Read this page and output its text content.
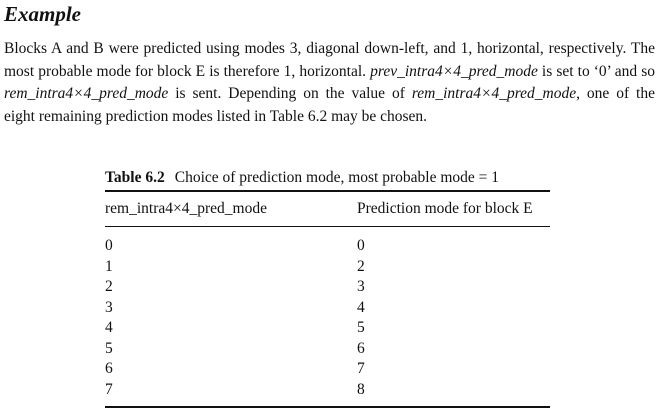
Example

Blocks A and B were predicted using modes 3, diagonal down-left, and 1, horizontal, respectively. The most probable mode for block E is therefore 1, horizontal. prev_intra4×4_pred_mode is set to ‘0’ and so rem_intra4×4_pred_mode is sent. Depending on the value of rem_intra4×4_pred_mode, one of the eight remaining prediction modes listed in Table 6.2 may be chosen.

Table 6.2 Choice of prediction mode, most probable mode = 1

rem_intra4×4_pred_mode	Prediction mode for block E

0	0
1	2
2	3
3	4
4	5
5	6
6	7
7	8
